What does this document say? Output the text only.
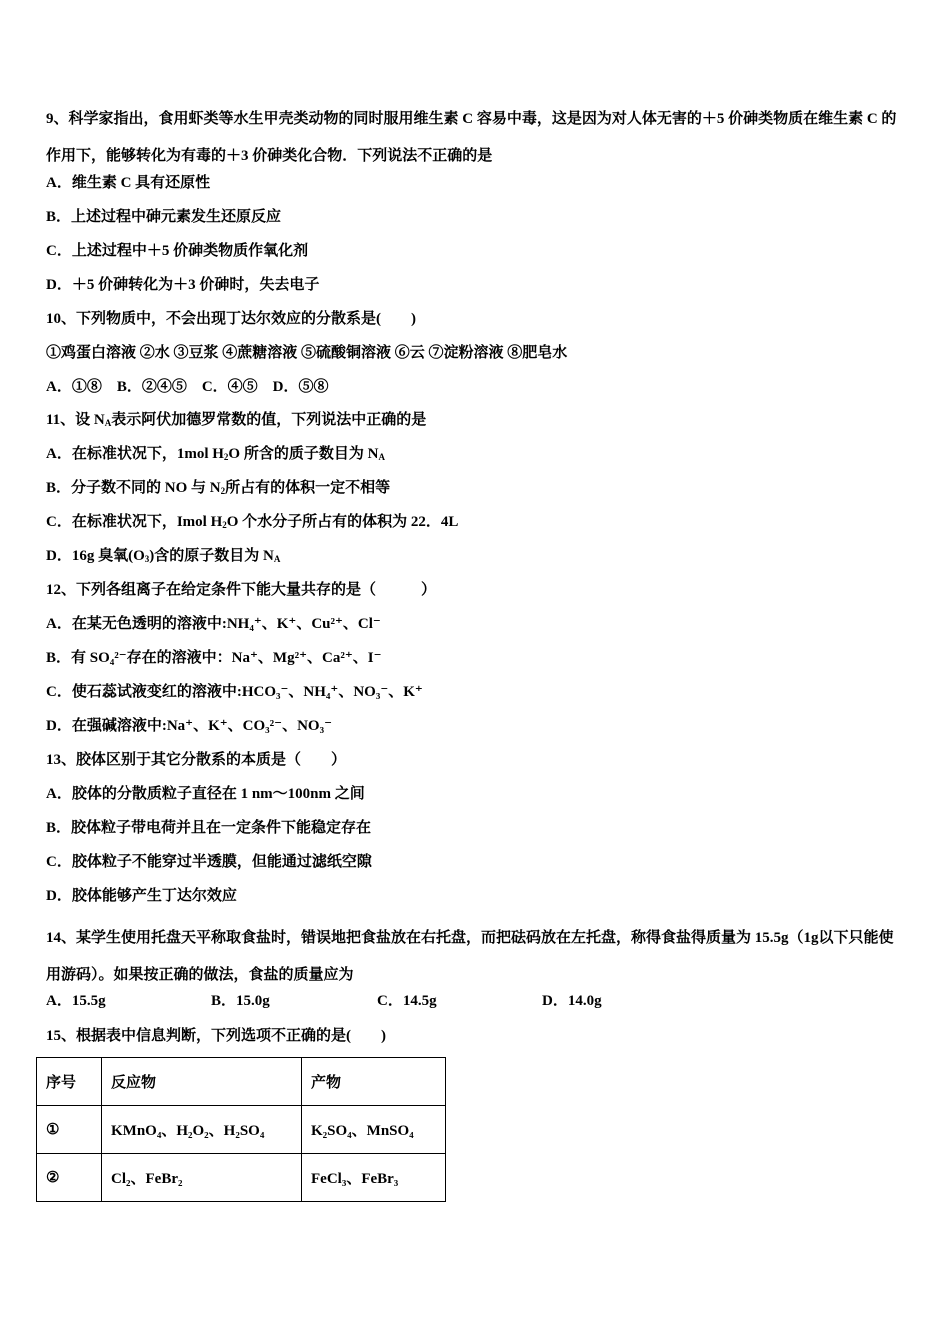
9、科学家指出，食用虾类等水生甲壳类动物的同时服用维生素 C 容易中毒，这是因为对人体无害的＋5 价砷类物质在维生素 C 的作用下，能够转化为有毒的＋3 价砷类化合物．下列说法不正确的是
A．维生素 C 具有还原性
B．上述过程中砷元素发生还原反应
C．上述过程中＋5 价砷类物质作氧化剂
D．＋5 价砷转化为＋3 价砷时，失去电子
10、下列物质中，不会出现丁达尔效应的分散系是(　　)
①鸡蛋白溶液 ②水 ③豆浆 ④蔗糖溶液 ⑤硫酸铜溶液 ⑥云 ⑦淀粉溶液 ⑧肥皂水
A．①⑧　B．②④⑤　C．④⑤　D．⑤⑧
11、设 $N_A$表示阿伏加德罗常数的值，下列说法中正确的是
A．在标准状况下，1mol $H_2O$ 所含的质子数目为 $N_A$
B．分子数不同的 NO 与 $N_2$所占有的体积一定不相等
C．在标准状况下，Imol $H_2O$ 个水分子所占有的体积为 22．4L
D．16g 臭氧$(O_3)$含的原子数目为 $N_A$
12、下列各组离子在给定条件下能大量共存的是（　　　）
A．在某无色透明的溶液中:NH₄⁺、K⁺、Cu²⁺、Cl⁻
B．有 SO₄²⁻存在的溶液中：Na⁺、Mg²⁺、Ca²⁺、I⁻
C．使石蕊试液变红的溶液中:HCO₃⁻、NH₄⁺、NO₃⁻、K⁺
D．在强碱溶液中:Na⁺、K⁺、CO₃²⁻、NO₃⁻
13、胶体区别于其它分散系的本质是（　　）
A．胶体的分散质粒子直径在 1 nm～100nm 之间
B．胶体粒子带电荷并且在一定条件下能稳定存在
C．胶体粒子不能穿过半透膜，但能通过滤纸空隙
D．胶体能够产生丁达尔效应
14、某学生使用托盘天平称取食盐时，错误地把食盐放在右托盘，而把砝码放在左托盘，称得食盐得质量为 15.5g（1g以下只能使用游码）。如果按正确的做法，食盐的质量应为
A．15.5g	B．15.0g	C．14.5g	D．14.0g
15、根据表中信息判断，下列选项不正确的是(　　)
序号	反应物	产物
①	KMnO₄、H₂O₂、H₂SO₄	K₂SO₄、MnSO₄
②	Cl₂、FeBr₂	FeCl₃、FeBr₃
